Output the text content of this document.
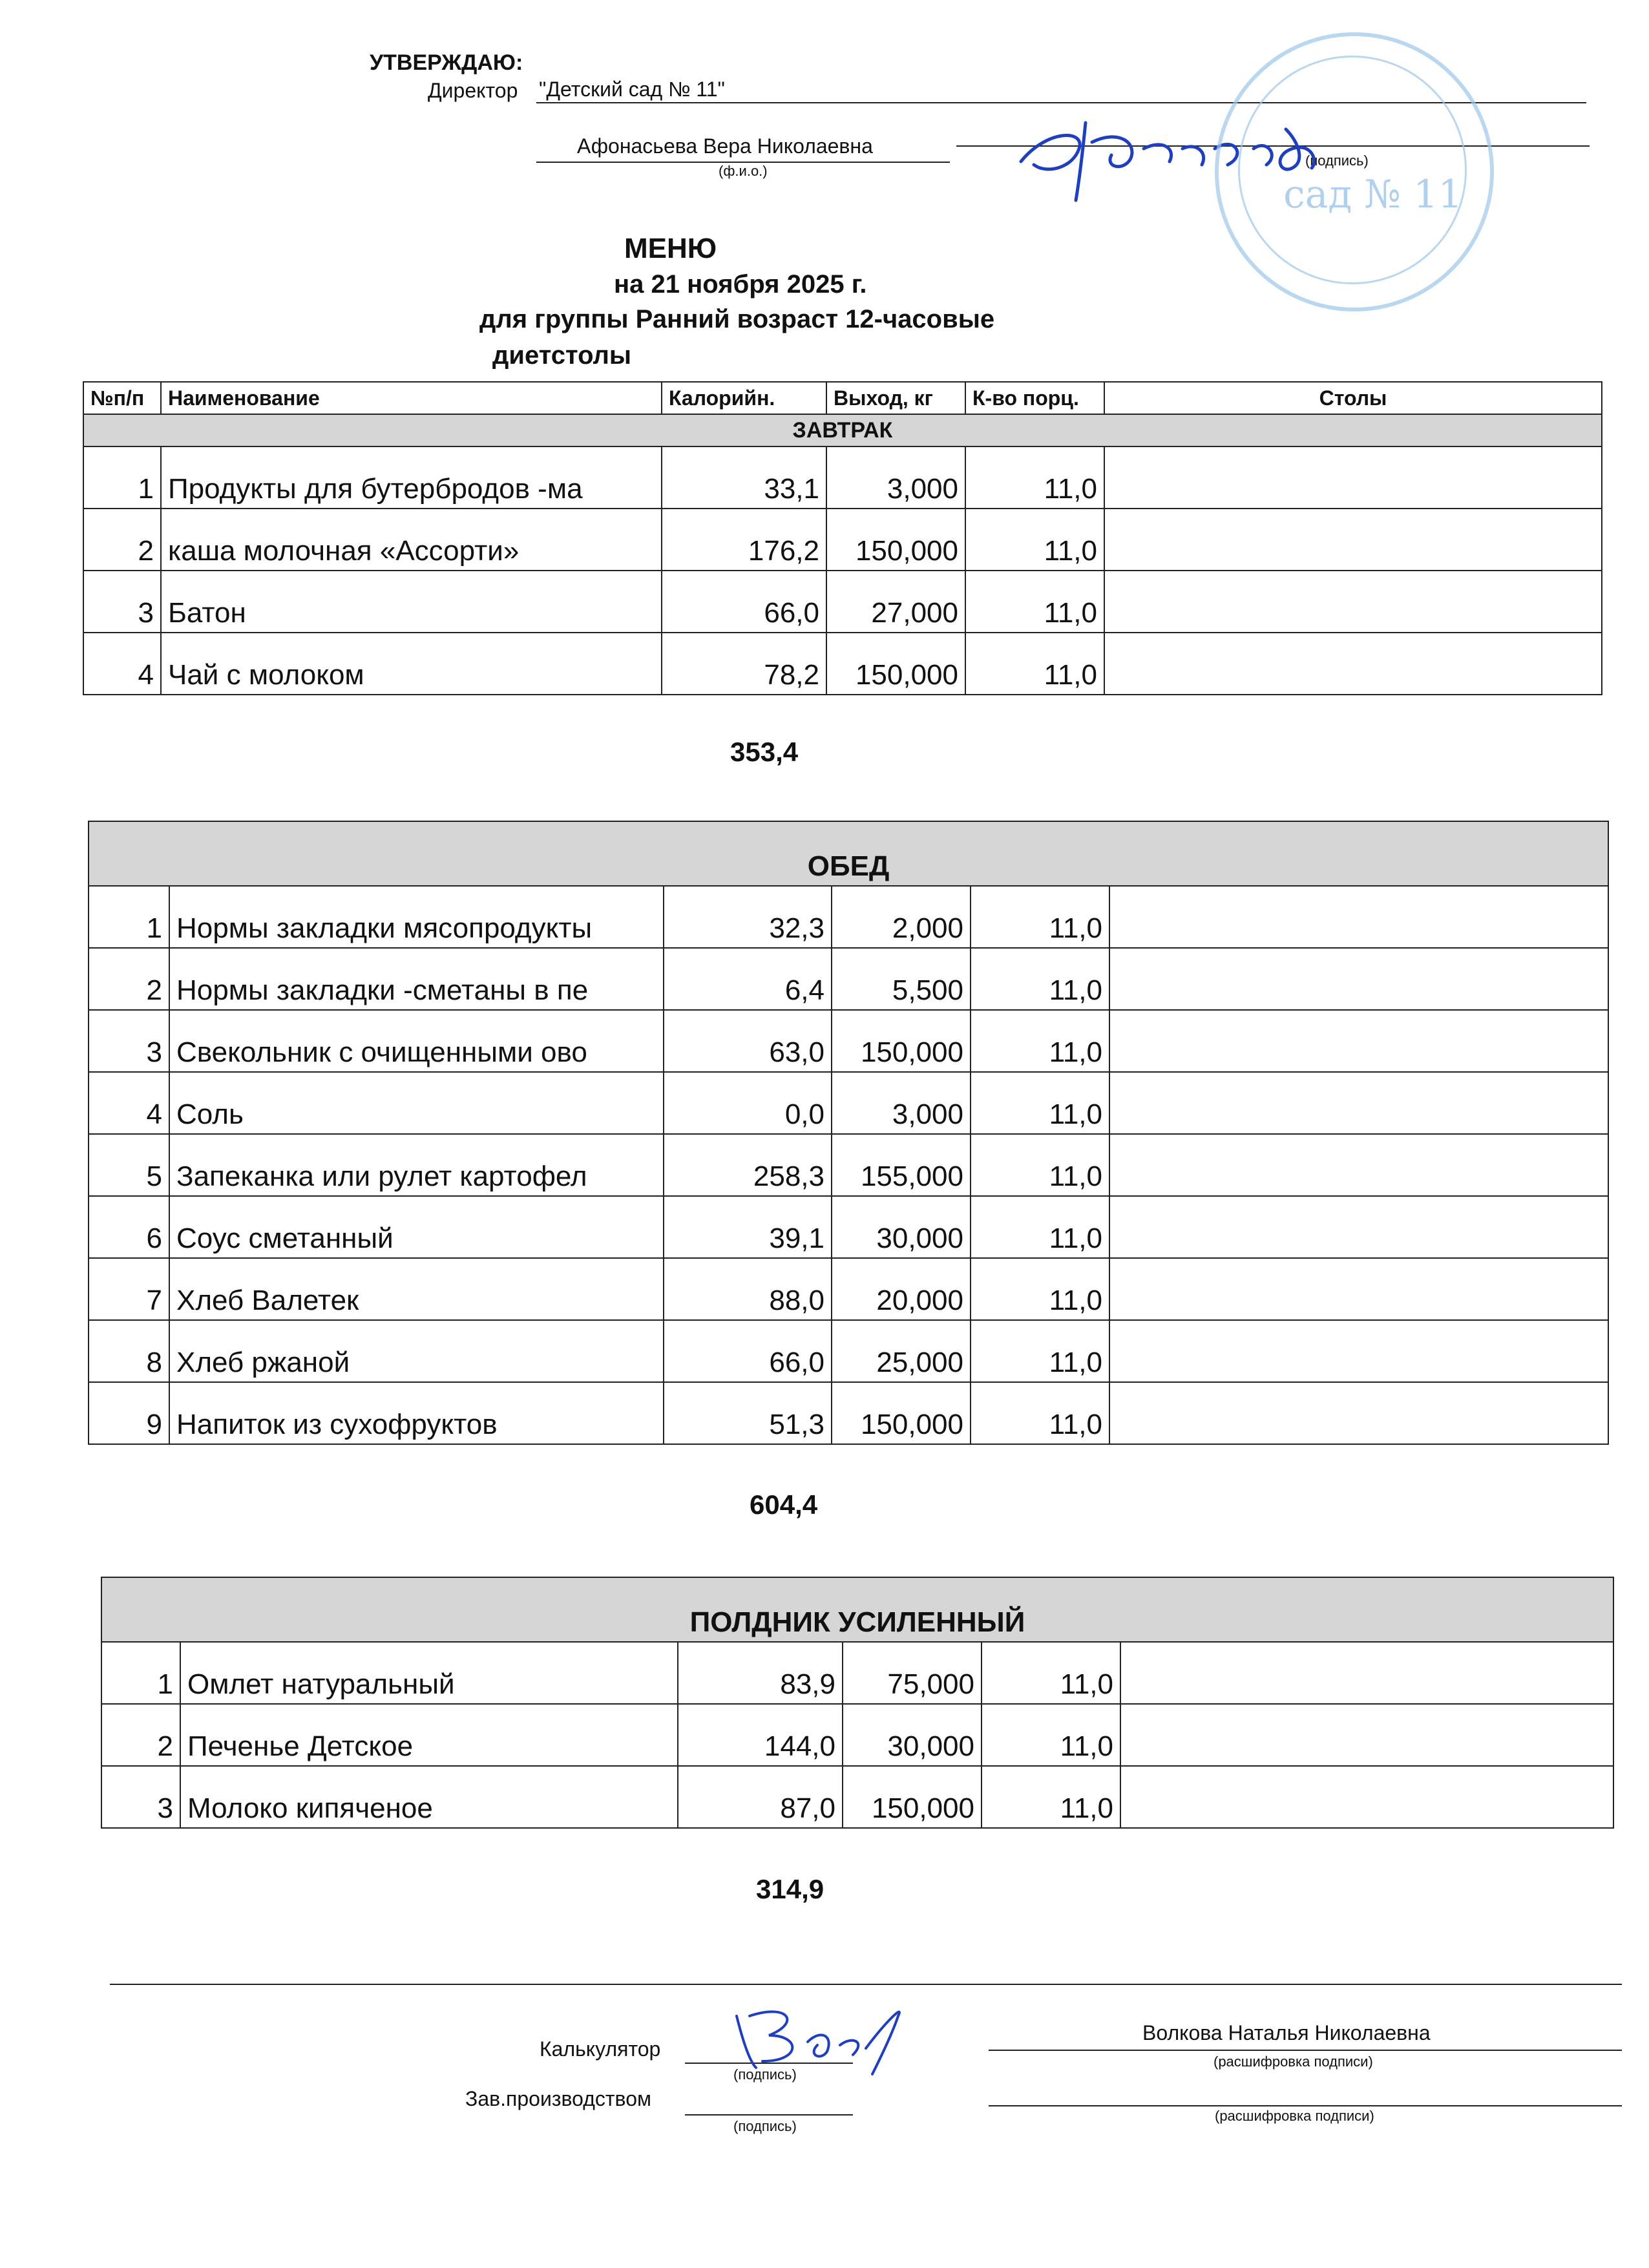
УТВЕРЖДАЮ:
Директор "Детский сад № 11"
Афонасьева Вера Николаевна
(ф.и.о.)
(подпись)
сад № 11
МЕНЮ
на 21 ноября 2025 г.
для группы Ранний возраст 12-часовые
диетстолы
№п/п	Наименование	Калорийн.	Выход, кг	К-во порц.	Столы
ЗАВТРАК					
1	Продукты для бутербродов -ма	33,1	3,000	11,0	
2	каша молочная «Ассорти»	176,2	150,000	11,0	
3	Батон	66,0	27,000	11,0	
4	Чай с молоком	78,2	150,000	11,0	
353,4
ОБЕД					
1	Нормы закладки мясопродукты	32,3	2,000	11,0	
2	Нормы закладки -сметаны в пе	6,4	5,500	11,0	
3	Свекольник с очищенными ово	63,0	150,000	11,0	
4	Соль	0,0	3,000	11,0	
5	Запеканка или рулет картофел	258,3	155,000	11,0	
6	Соус сметанный	39,1	30,000	11,0	
7	Хлеб Валетек	88,0	20,000	11,0	
8	Хлеб ржаной	66,0	25,000	11,0	
9	Напиток из сухофруктов	51,3	150,000	11,0	
604,4
ПОЛДНИК УСИЛЕННЫЙ					
1	Омлет натуральный	83,9	75,000	11,0	
2	Печенье Детское	144,0	30,000	11,0	
3	Молоко кипяченое	87,0	150,000	11,0	
314,9
Калькулятор
(подпись)
Волкова Наталья Николаевна
(расшифровка подписи)
Зав.производством
(подпись)
(расшифровка подписи)
